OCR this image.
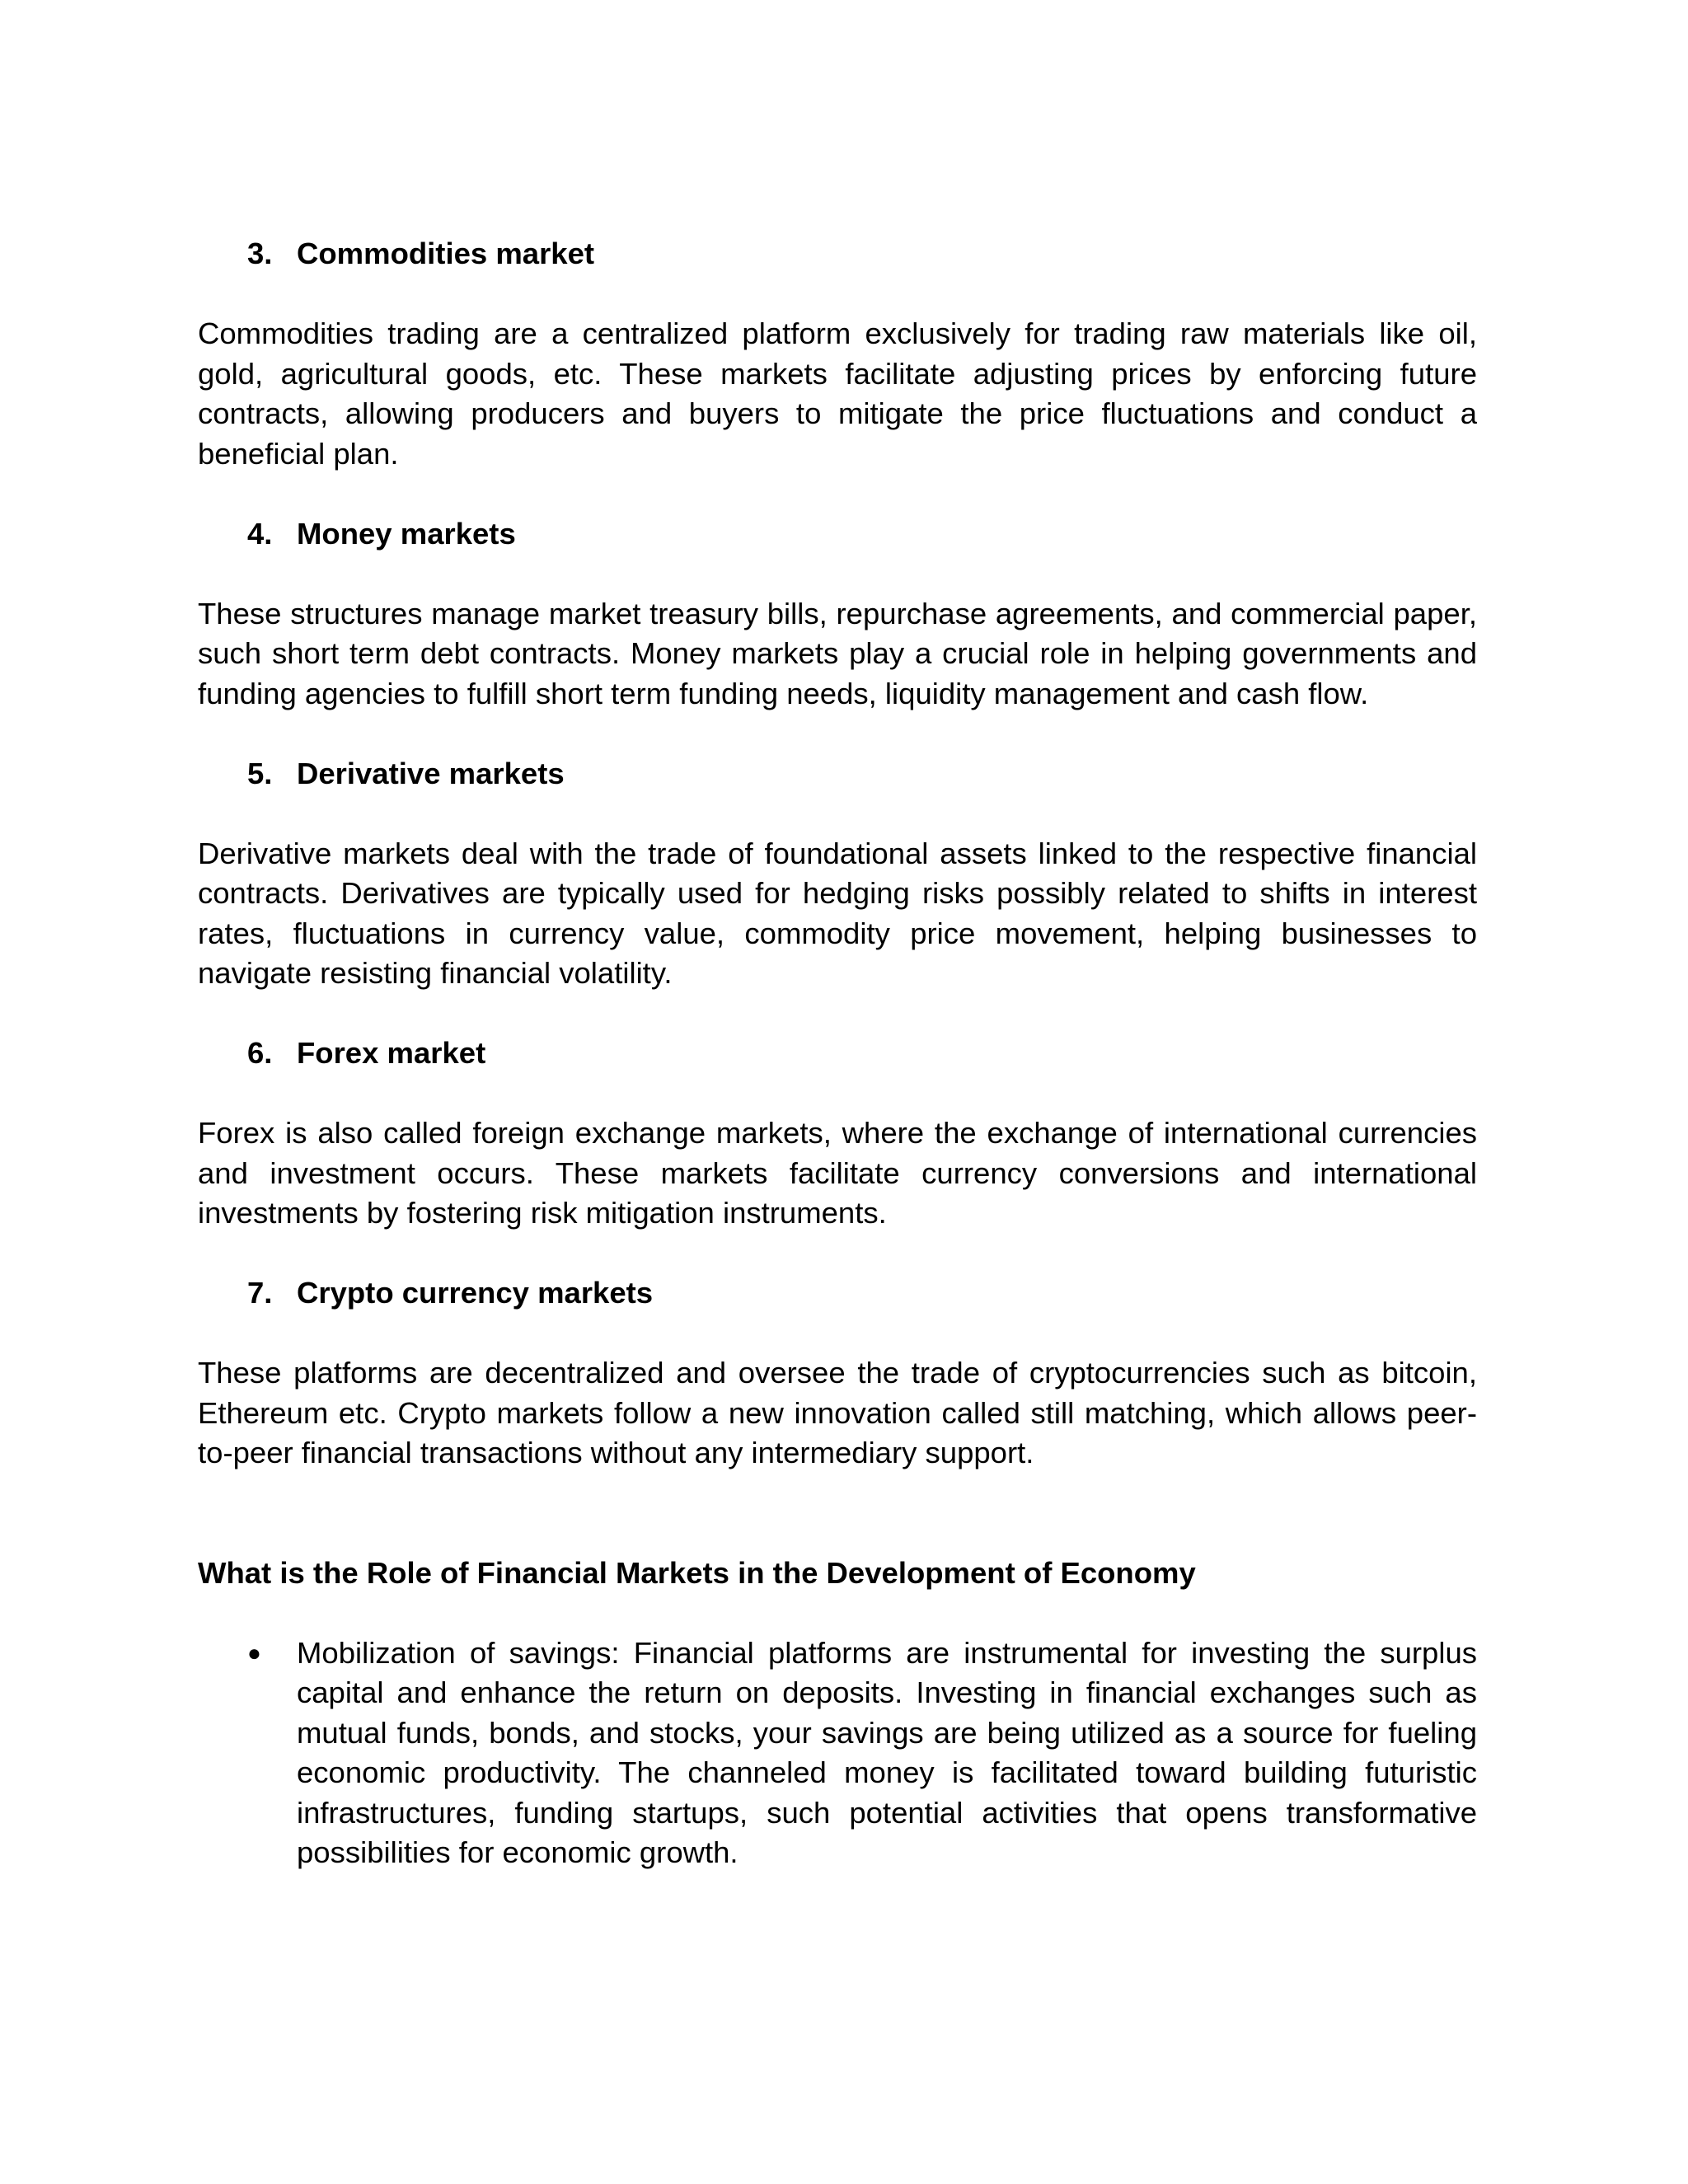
3. Commodities market

Commodities trading are a centralized platform exclusively for trading raw materials like oil, gold, agricultural goods, etc. These markets facilitate adjusting prices by enforcing future contracts, allowing producers and buyers to mitigate the price fluctuations and conduct a beneficial plan.

4. Money markets

These structures manage market treasury bills, repurchase agreements, and commercial paper, such short term debt contracts. Money markets play a crucial role in helping governments and funding agencies to fulfill short term funding needs, liquidity management and cash flow.

5. Derivative markets

Derivative markets deal with the trade of foundational assets linked to the respective financial contracts. Derivatives are typically used for hedging risks possibly related to shifts in interest rates, fluctuations in currency value, commodity price movement, helping businesses to navigate resisting financial volatility.

6. Forex market

Forex is also called foreign exchange markets, where the exchange of international currencies and investment occurs. These markets facilitate currency conversions and international investments by fostering risk mitigation instruments.

7. Crypto currency markets

These platforms are decentralized and oversee the trade of cryptocurrencies such as bitcoin, Ethereum etc. Crypto markets follow a new innovation called still matching, which allows peer-to-peer financial transactions without any intermediary support.

What is the Role of Financial Markets in the Development of Economy

●	Mobilization of savings: Financial platforms are instrumental for investing the surplus capital and enhance the return on deposits. Investing in financial exchanges such as mutual funds, bonds, and stocks, your savings are being utilized as a source for fueling economic productivity. The channeled money is facilitated toward building futuristic infrastructures, funding startups, such potential activities that opens transformative possibilities for economic growth.
